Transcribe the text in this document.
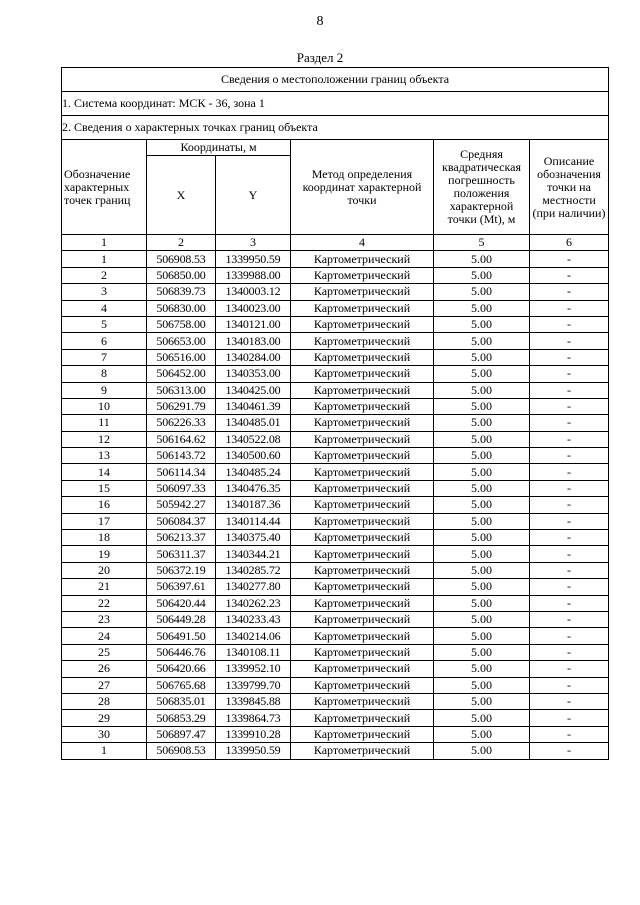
8
Раздел 2
Сведения о местоположении границ объекта					
1. Система координат: МСК - 36, зона 1					
2. Сведения о характерных точках границ объекта					
Обозначение характерных точек границ	Координаты, м		Метод определения координат характерной точки	Средняя квадратическая погрешность положения характерной точки (Mt), м	Описание обозначения точки на местности (при наличии)
	X	Y			
1	2	3	4	5	6
1	506908.53	1339950.59	Картометрический	5.00	-
2	506850.00	1339988.00	Картометрический	5.00	-
3	506839.73	1340003.12	Картометрический	5.00	-
4	506830.00	1340023.00	Картометрический	5.00	-
5	506758.00	1340121.00	Картометрический	5.00	-
6	506653.00	1340183.00	Картометрический	5.00	-
7	506516.00	1340284.00	Картометрический	5.00	-
8	506452.00	1340353.00	Картометрический	5.00	-
9	506313.00	1340425.00	Картометрический	5.00	-
10	506291.79	1340461.39	Картометрический	5.00	-
11	506226.33	1340485.01	Картометрический	5.00	-
12	506164.62	1340522.08	Картометрический	5.00	-
13	506143.72	1340500.60	Картометрический	5.00	-
14	506114.34	1340485.24	Картометрический	5.00	-
15	506097.33	1340476.35	Картометрический	5.00	-
16	505942.27	1340187.36	Картометрический	5.00	-
17	506084.37	1340114.44	Картометрический	5.00	-
18	506213.37	1340375.40	Картометрический	5.00	-
19	506311.37	1340344.21	Картометрический	5.00	-
20	506372.19	1340285.72	Картометрический	5.00	-
21	506397.61	1340277.80	Картометрический	5.00	-
22	506420.44	1340262.23	Картометрический	5.00	-
23	506449.28	1340233.43	Картометрический	5.00	-
24	506491.50	1340214.06	Картометрический	5.00	-
25	506446.76	1340108.11	Картометрический	5.00	-
26	506420.66	1339952.10	Картометрический	5.00	-
27	506765.68	1339799.70	Картометрический	5.00	-
28	506835.01	1339845.88	Картометрический	5.00	-
29	506853.29	1339864.73	Картометрический	5.00	-
30	506897.47	1339910.28	Картометрический	5.00	-
1	506908.53	1339950.59	Картометрический	5.00	-
